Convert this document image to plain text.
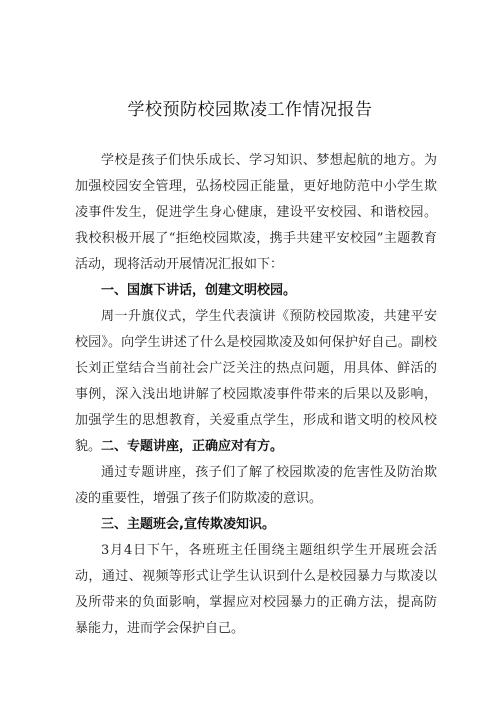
学校预防校园欺凌工作情况报告

学校是孩子们快乐成长、学习知识、梦想起航的地方。为加强校园安全管理，弘扬校园正能量，更好地防范中小学生欺凌事件发生，促进学生身心健康，建设平安校园、和谐校园。我校积极开展了“拒绝校园欺凌，携手共建平安校园”主题教育活动，现将活动开展情况汇报如下：

一、国旗下讲话，创建文明校园。

周一升旗仪式，学生代表演讲《预防校园欺凌，共建平安校园》。向学生讲述了什么是校园欺凌及如何保护好自己。副校长刘正堂结合当前社会广泛关注的热点问题，用具体、鲜活的事例，深入浅出地讲解了校园欺凌事件带来的后果以及影响，加强学生的思想教育，关爱重点学生，形成和谐文明的校风校貌。 二、专题讲座，正确应对有方。

通过专题讲座，孩子们了解了校园欺凌的危害性及防治欺凌的重要性，增强了孩子们防欺凌的意识。

三、主题班会,宣传欺凌知识。

3月4日下午，各班班主任围绕主题组织学生开展班会活动，通过、视频等形式让学生认识到什么是校园暴力与欺凌以及所带来的负面影响，掌握应对校园暴力的正确方法，提高防暴能力，进而学会保护自己。
